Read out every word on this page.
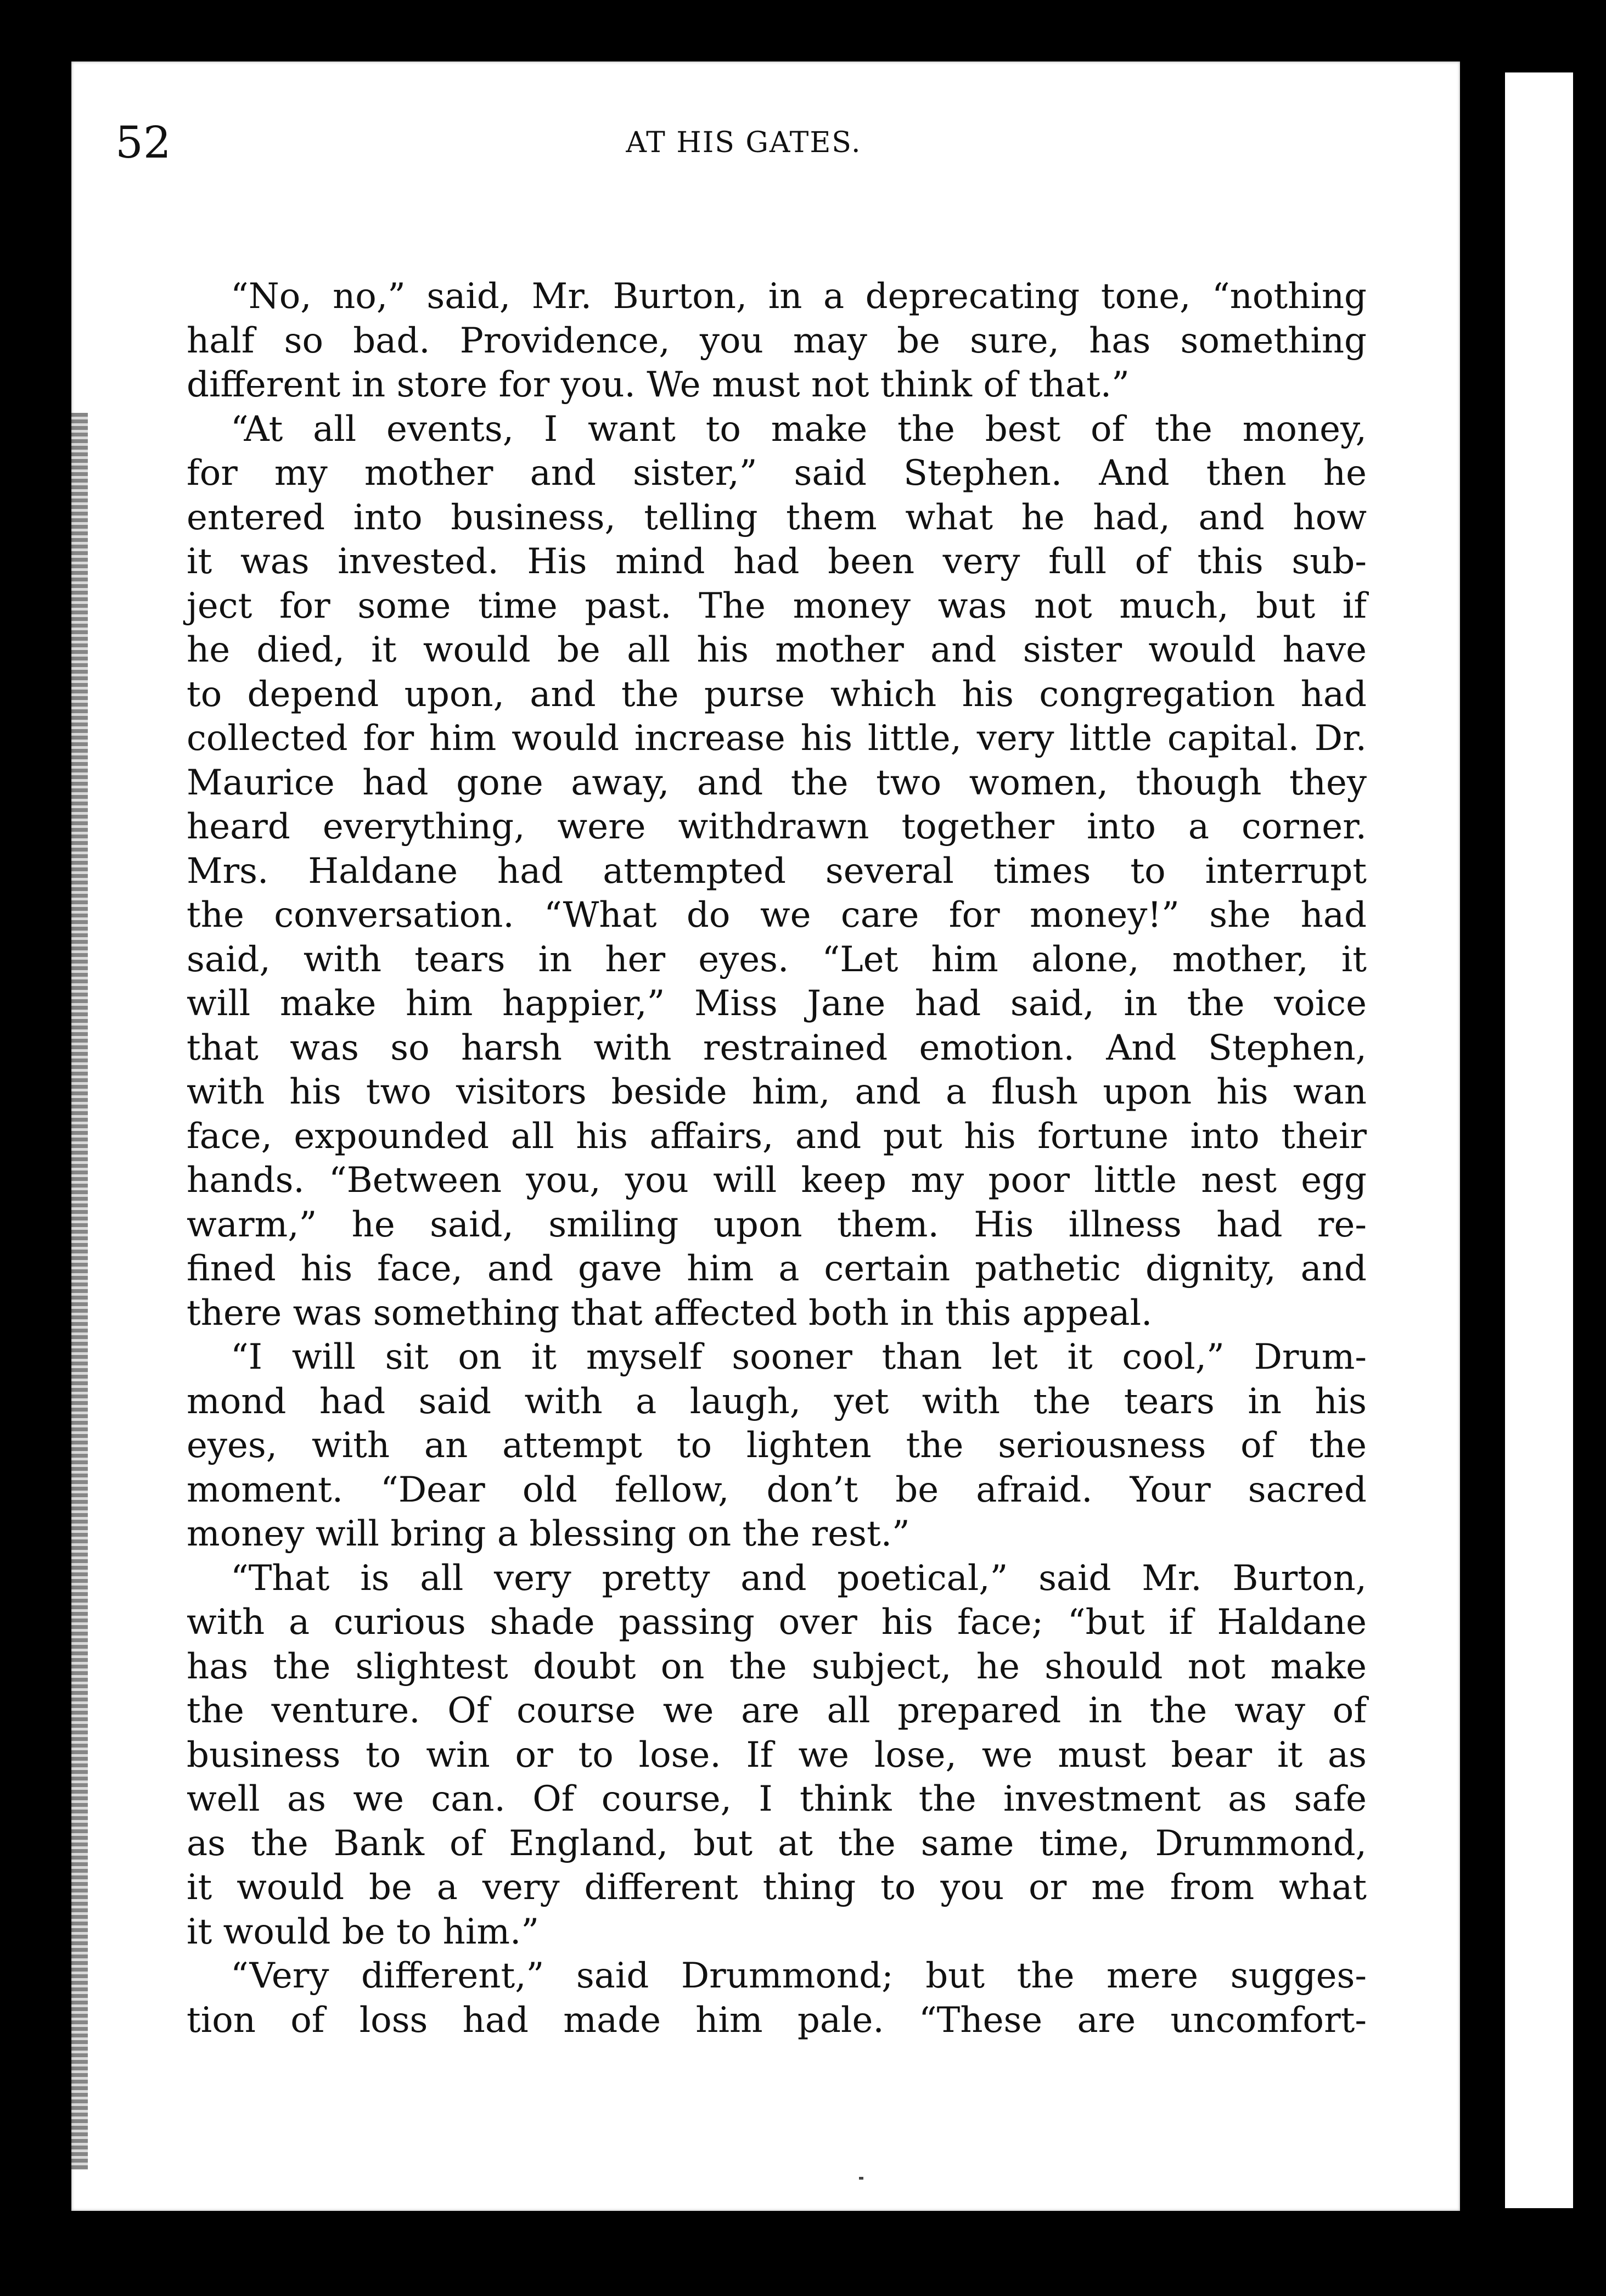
52	AT HIS GATES.
“No, no,” said, Mr. Burton, in a deprecating tone, “nothing
half so bad. Providence, you may be sure, has something
different in store for you. We must not think of that.”
“At all events, I want to make the best of the money,
for my mother and sister,” said Stephen. And then he
entered into business, telling them what he had, and how
it was invested. His mind had been very full of this sub-
ject for some time past. The money was not much, but if
he died, it would be all his mother and sister would have
to depend upon, and the purse which his congregation had
collected for him would increase his little, very little capital. Dr.
Maurice had gone away, and the two women, though they
heard everything, were withdrawn together into a corner.
Mrs. Haldane had attempted several times to interrupt
the conversation. “What do we care for money!” she had
said, with tears in her eyes. “Let him alone, mother, it
will make him happier,” Miss Jane had said, in the voice
that was so harsh with restrained emotion. And Stephen,
with his two visitors beside him, and a flush upon his wan
face, expounded all his affairs, and put his fortune into their
hands. “Between you, you will keep my poor little nest egg
warm,” he said, smiling upon them. His illness had re-
fined his face, and gave him a certain pathetic dignity, and
there was something that affected both in this appeal.
“I will sit on it myself sooner than let it cool,” Drum-
mond had said with a laugh, yet with the tears in his
eyes, with an attempt to lighten the seriousness of the
moment. “Dear old fellow, don’t be afraid. Your sacred
money will bring a blessing on the rest.”
“That is all very pretty and poetical,” said Mr. Burton,
with a curious shade passing over his face; “but if Haldane
has the slightest doubt on the subject, he should not make
the venture. Of course we are all prepared in the way of
business to win or to lose. If we lose, we must bear it as
well as we can. Of course, I think the investment as safe
as the Bank of England, but at the same time, Drummond,
it would be a very different thing to you or me from what
it would be to him.”
“Very different,” said Drummond; but the mere sugges-
tion of loss had made him pale. “These are uncomfort-
